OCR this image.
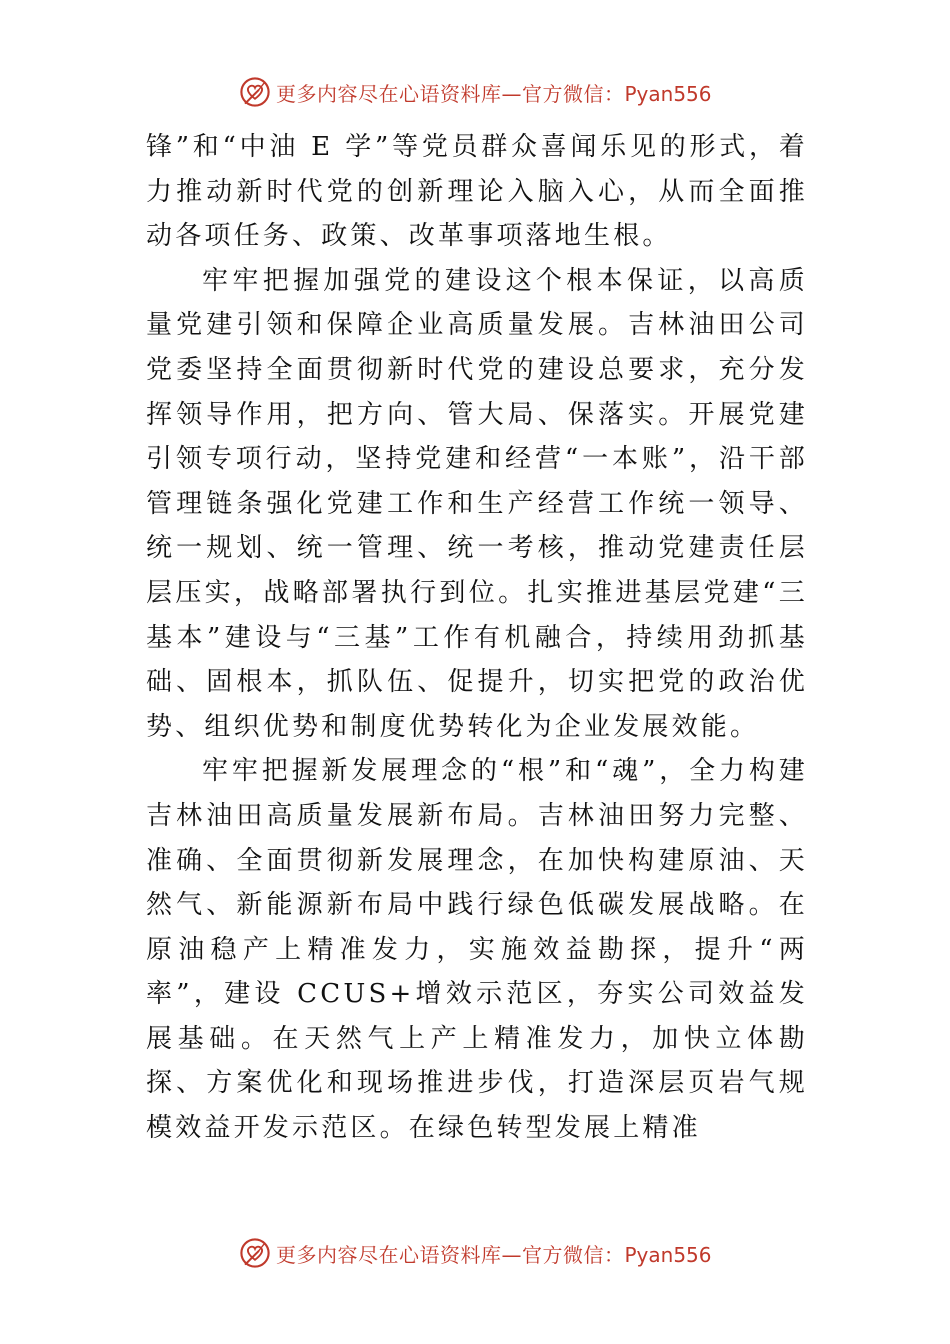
更多内容尽在心语资料库—官方微信：Pyan556

锋”和“中油 E 学”等党员群众喜闻乐见的形式，着力推动新时代党的创新理论入脑入心，从而全面推动各项任务、政策、改革事项落地生根。

牢牢把握加强党的建设这个根本保证，以高质量党建引领和保障企业高质量发展。吉林油田公司党委坚持全面贯彻新时代党的建设总要求，充分发挥领导作用，把方向、管大局、保落实。开展党建引领专项行动，坚持党建和经营“一本账”，沿干部管理链条强化党建工作和生产经营工作统一领导、统一规划、统一管理、统一考核，推动党建责任层层压实，战略部署执行到位。扎实推进基层党建“三基本”建设与“三基”工作有机融合，持续用劲抓基础、固根本，抓队伍、促提升，切实把党的政治优势、组织优势和制度优势转化为企业发展效能。

牢牢把握新发展理念的“根”和“魂”，全力构建吉林油田高质量发展新布局。吉林油田努力完整、准确、全面贯彻新发展理念，在加快构建原油、天然气、新能源新布局中践行绿色低碳发展战略。在原油稳产上精准发力，实施效益勘探，提升“两率”，建设 CCUS+增效示范区，夯实公司效益发展基础。在天然气上产上精准发力，加快立体勘探、方案优化和现场推进步伐，打造深层页岩气规模效益开发示范区。在绿色转型发展上精准

更多内容尽在心语资料库—官方微信：Pyan556
